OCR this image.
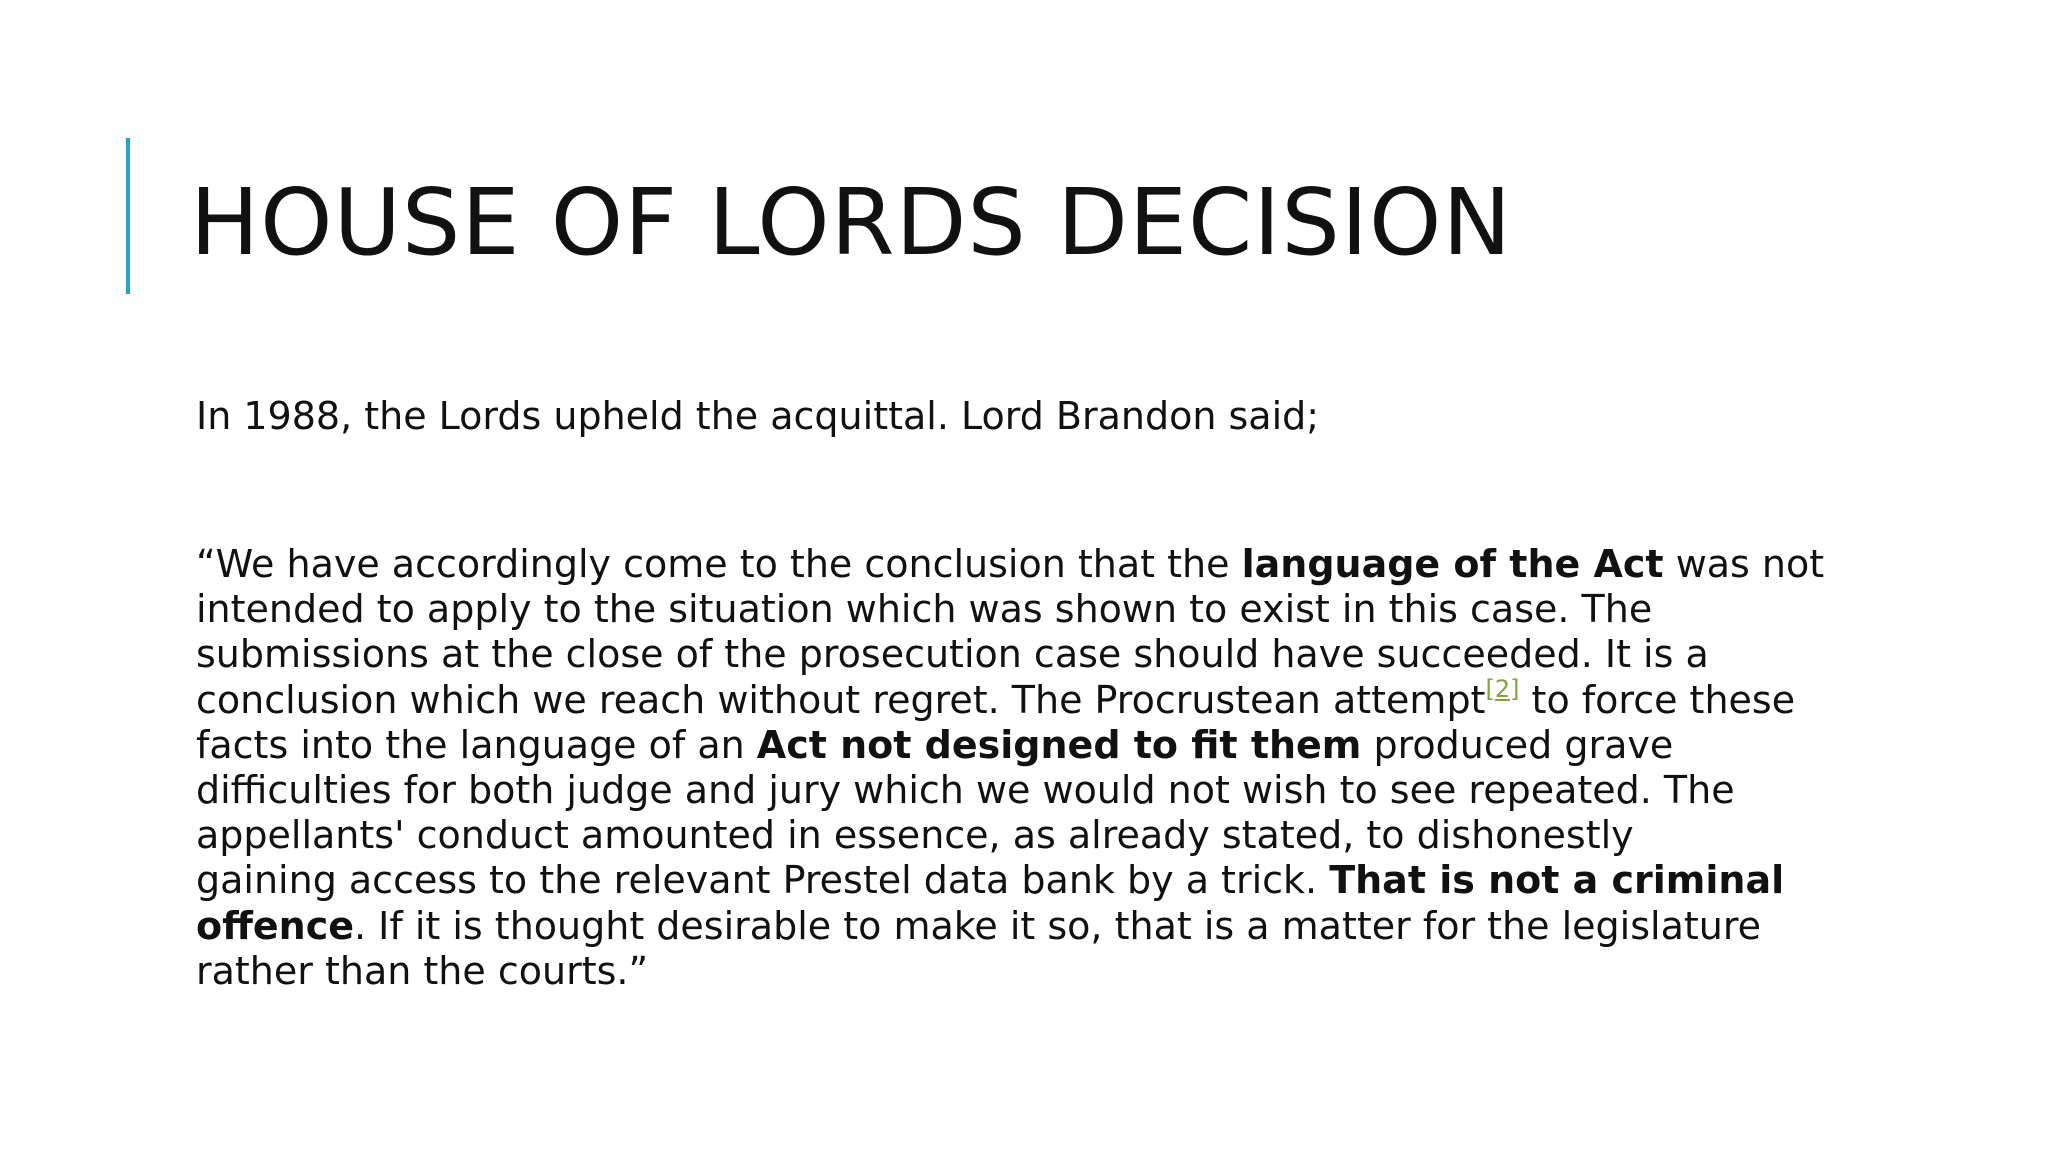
HOUSE OF LORDS DECISION

In 1988, the Lords upheld the acquittal. Lord Brandon said;

“We have accordingly come to the conclusion that the language of the Act was not
intended to apply to the situation which was shown to exist in this case. The
submissions at the close of the prosecution case should have succeeded. It is a
conclusion which we reach without regret. The Procrustean attempt[2] to force these
facts into the language of an Act not designed to fit them produced grave
difficulties for both judge and jury which we would not wish to see repeated. The
appellants' conduct amounted in essence, as already stated, to dishonestly
gaining access to the relevant Prestel data bank by a trick. That is not a criminal
offence. If it is thought desirable to make it so, that is a matter for the legislature
rather than the courts.”
